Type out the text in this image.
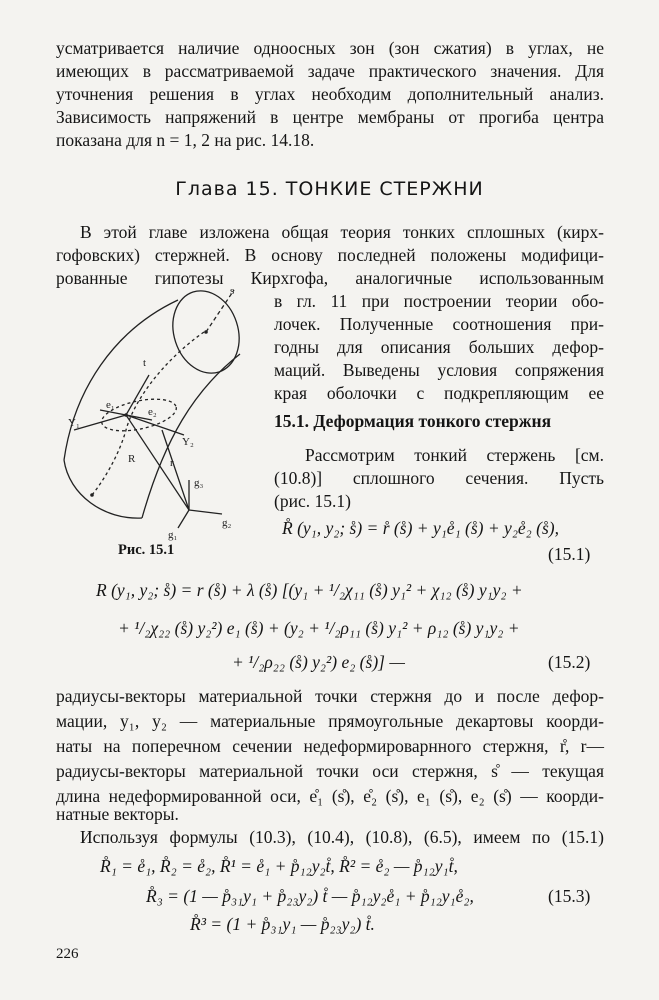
усматривается наличие одноосных зон (зон сжатия) в углах, не
имеющих в рассматриваемой задаче практического значения. Для
уточнения решения в углах необходим дополнительный анализ.
Зависимость напряжений в центре мембраны от прогиба центра
показана для n = 1, 2 на рис. 14.18.
Глава 15. ТОНКИЕ СТЕРЖНИ
В этой главе изложена общая теория тонких сплошных (кирх-
гофовских) стержней. В основу последней положены модифици-
рованные гипотезы Кирхгофа, аналогичные использованным
в гл. 11 при построении теории обо-
лочек. Полученные соотношения при-
годны для описания больших дефор-
маций. Выведены условия сопряжения
края оболочки с подкрепляющим ее
15.1. Деформация тонкого стержня
Рассмотрим тонкий стержень [см.
(10.8)] сплошного сечения. Пусть
(рис. 15.1)
s
t
e₁
e₂
Y₁
Y₂
R	r
g₃
g₂
g₁
Рис. 15.1
R̊ (y₁, y₂; s̊) = r̊ (s̊) + y₁e̊₁ (s̊) + y₂e̊₂ (s̊),
(15.1)
R (y₁, y₂; s̊) = r (s̊) + λ (s̊) [(y₁ + ¹/₂χ₁₁ (s̊) y₁² + χ₁₂ (s̊) y₁y₂ +
+ ¹/₂χ₂₂ (s̊) y₂²) e₁ (s̊) + (y₂ + ¹/₂ρ₁₁ (s̊) y₁² + ρ₁₂ (s̊) y₁y₂ +
+ ¹/₂ρ₂₂ (s̊) y₂²) e₂ (s̊)] —	(15.2)
радиусы-векторы материальной точки стержня до и после дефор-
мации, y₁, y₂ — материальные прямоугольные декартовы коорди-
наты на поперечном сечении недеформироварнного стержня, r̊, r—
радиусы-векторы материальной точки оси стержня, s̊ — текущая
длина недеформированной оси, e̊₁ (s̊), e̊₂ (s̊), e₁ (s̊), e₂ (s̊) — коорди-
натные векторы.
Используя формулы (10.3), (10.4), (10.8), (6.5), имеем по (15.1)
R̊₁ = e̊₁, R̊₂ = e̊₂, R̊¹ = e̊₁ + p̊₁₂y₂t̊, R̊² = e̊₂ — p̊₁₂y₁t̊,
R̊₃ = (1 — p̊₃₁y₁ + p̊₂₃y₂) t̊ — p̊₁₂y₂e̊₁ + p̊₁₂y₁e̊₂,	(15.3)
R̊³ = (1 + p̊₃₁y₁ — p̊₂₃y₂) t̊.
226
